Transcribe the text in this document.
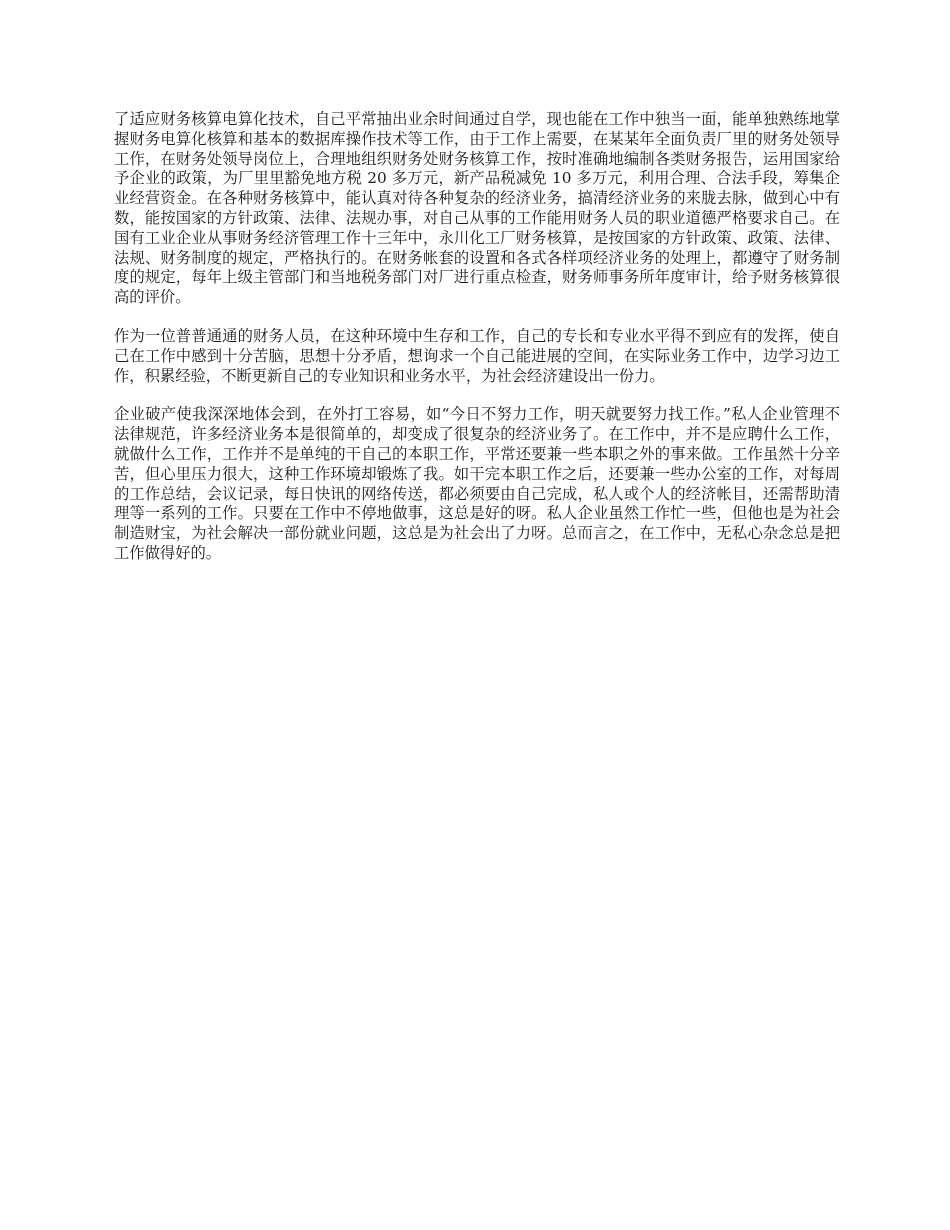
了适应财务核算电算化技术，自己平常抽出业余时间通过自学，现也能在工作中独当一面，能单独熟练地掌握财务电算化核算和基本的数据库操作技术等工作，由于工作上需要，在某某年全面负责厂里的财务处领导工作，在财务处领导岗位上，合理地组织财务处财务核算工作，按时准确地编制各类财务报告，运用国家给予企业的政策，为厂里里豁免地方税 20 多万元，新产品税减免 10 多万元，利用合理、合法手段，筹集企业经营资金。在各种财务核算中，能认真对待各种复杂的经济业务，搞清经济业务的来胧去脉，做到心中有数，能按国家的方针政策、法律、法规办事，对自己从事的工作能用财务人员的职业道德严格要求自己。在国有工业企业从事财务经济管理工作十三年中，永川化工厂财务核算，是按国家的方针政策、政策、法律、法规、财务制度的规定，严格执行的。在财务帐套的设置和各式各样项经济业务的处理上，都遵守了财务制度的规定，每年上级主管部门和当地税务部门对厂进行重点检查，财务师事务所年度审计，给予财务核算很高的评价。

作为一位普普通通的财务人员，在这种环境中生存和工作，自己的专长和专业水平得不到应有的发挥，使自己在工作中感到十分苦脑，思想十分矛盾，想询求一个自己能进展的空间，在实际业务工作中，边学习边工作，积累经验，不断更新自己的专业知识和业务水平，为社会经济建设出一份力。

企业破产使我深深地体会到，在外打工容易，如“今日不努力工作，明天就要努力找工作。”私人企业管理不法律规范，许多经济业务本是很简单的，却变成了很复杂的经济业务了。在工作中，并不是应聘什么工作，就做什么工作，工作并不是单纯的干自己的本职工作，平常还要兼一些本职之外的事来做。工作虽然十分辛苦，但心里压力很大，这种工作环境却锻炼了我。如干完本职工作之后，还要兼一些办公室的工作，对每周的工作总结，会议记录，每日快讯的网络传送，都必须要由自己完成，私人或个人的经济帐目，还需帮助清理等一系列的工作。只要在工作中不停地做事，这总是好的呀。私人企业虽然工作忙一些，但他也是为社会制造财宝，为社会解决一部份就业问题，这总是为社会出了力呀。总而言之，在工作中，无私心杂念总是把工作做得好的。
